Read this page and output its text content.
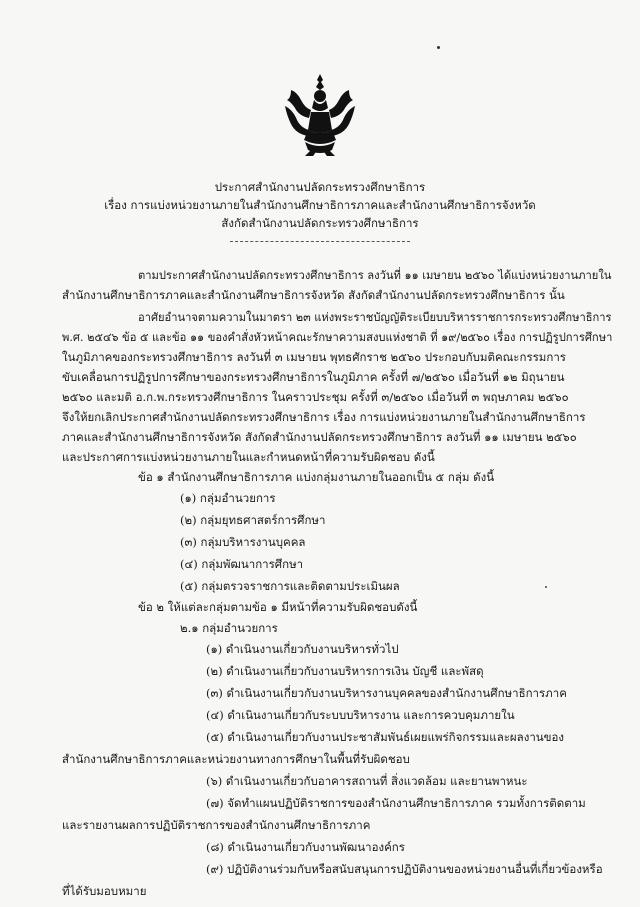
ประกาศสำนักงานปลัดกระทรวงศึกษาธิการ
เรื่อง การแบ่งหน่วยงานภายในสำนักงานศึกษาธิการภาคและสำนักงานศึกษาธิการจังหวัด
สังกัดสำนักงานปลัดกระทรวงศึกษาธิการ
ตามประกาศสำนักงานปลัดกระทรวงศึกษาธิการ ลงวันที่ ๑๑ เมษายน ๒๕๖๐ ได้แบ่งหน่วยงานภายใน
สำนักงานศึกษาธิการภาคและสำนักงานศึกษาธิการจังหวัด สังกัดสำนักงานปลัดกระทรวงศึกษาธิการ นั้น
อาศัยอำนาจตามความในมาตรา ๒๓ แห่งพระราชบัญญัติระเบียบบริหารราชการกระทรวงศึกษาธิการ
พ.ศ. ๒๕๔๖ ข้อ ๕ และข้อ ๑๑ ของคำสั่งหัวหน้าคณะรักษาความสงบแห่งชาติ ที่ ๑๙/๒๕๖๐ เรื่อง การปฏิรูปการศึกษา
ในภูมิภาคของกระทรวงศึกษาธิการ ลงวันที่ ๓ เมษายน พุทธศักราช ๒๕๖๐ ประกอบกับมติคณะกรรมการ
ขับเคลื่อนการปฏิรูปการศึกษาของกระทรวงศึกษาธิการในภูมิภาค ครั้งที่ ๗/๒๕๖๐ เมื่อวันที่ ๑๒ มิถุนายน
๒๕๖๐ และมติ อ.ก.พ.กระทรวงศึกษาธิการ ในคราวประชุม ครั้งที่ ๓/๒๕๖๐ เมื่อวันที่ ๓ พฤษภาคม ๒๕๖๐
จึงให้ยกเลิกประกาศสำนักงานปลัดกระทรวงศึกษาธิการ เรื่อง การแบ่งหน่วยงานภายในสำนักงานศึกษาธิการ
ภาคและสำนักงานศึกษาธิการจังหวัด สังกัดสำนักงานปลัดกระทรวงศึกษาธิการ ลงวันที่ ๑๑ เมษายน ๒๕๖๐
และประกาศการแบ่งหน่วยงานภายในและกำหนดหน้าที่ความรับผิดชอบ ดังนี้
ข้อ ๑ สำนักงานศึกษาธิการภาค แบ่งกลุ่มงานภายในออกเป็น ๕ กลุ่ม ดังนี้
(๑) กลุ่มอำนวยการ
(๒) กลุ่มยุทธศาสตร์การศึกษา
(๓) กลุ่มบริหารงานบุคคล
(๔) กลุ่มพัฒนาการศึกษา
(๕) กลุ่มตรวจราชการและติดตามประเมินผล
ข้อ ๒ ให้แต่ละกลุ่มตามข้อ ๑ มีหน้าที่ความรับผิดชอบดังนี้
๒.๑ กลุ่มอำนวยการ
(๑) ดำเนินงานเกี่ยวกับงานบริหารทั่วไป
(๒) ดำเนินงานเกี่ยวกับงานบริหารการเงิน บัญชี และพัสดุ
(๓) ดำเนินงานเกี่ยวกับงานบริหารงานบุคคลของสำนักงานศึกษาธิการภาค
(๔) ดำเนินงานเกี่ยวกับระบบบริหารงาน และการควบคุมภายใน
(๕) ดำเนินงานเกี่ยวกับงานประชาสัมพันธ์เผยแพร่กิจกรรมและผลงานของ
สำนักงานศึกษาธิการภาคและหน่วยงานทางการศึกษาในพื้นที่รับผิดชอบ
(๖) ดำเนินงานเกี่ยวกับอาคารสถานที่ สิ่งแวดล้อม และยานพาหนะ
(๗) จัดทำแผนปฏิบัติราชการของสำนักงานศึกษาธิการภาค รวมทั้งการติดตาม
และรายงานผลการปฏิบัติราชการของสำนักงานศึกษาธิการภาค
(๘) ดำเนินงานเกี่ยวกับงานพัฒนาองค์กร
(๙) ปฏิบัติงานร่วมกับหรือสนับสนุนการปฏิบัติงานของหน่วยงานอื่นที่เกี่ยวข้องหรือ
ที่ได้รับมอบหมาย
